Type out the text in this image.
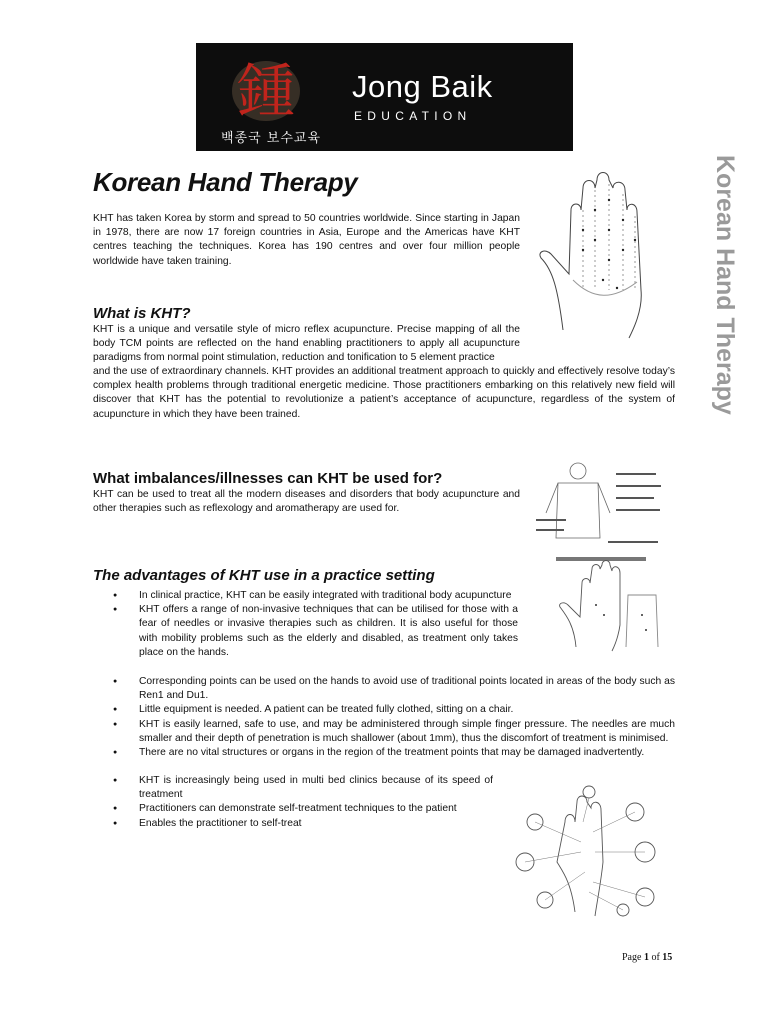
鍾 Jong Baik
EDUCATION
백종국 보수교육
Korean Hand Therapy
Korean Hand Therapy

KHT has taken Korea by storm and spread to 50 countries worldwide. Since starting in Japan in 1978, there are now 17 foreign countries in Asia, Europe and the Americas have KHT centres teaching the techniques. Korea has 190 centres and over four million people worldwide have taken training.

What is KHT?

KHT is a unique and versatile style of micro reflex acupuncture. Precise mapping of all the body TCM points are reflected on the hand enabling practitioners to apply all acupuncture paradigms from normal point stimulation, reduction and tonification to 5 element practice

and the use of extraordinary channels. KHT provides an additional treatment approach to quickly and effectively resolve today’s complex health problems through traditional energetic medicine. Those practitioners embarking on this relatively new field will discover that KHT has the potential to revolutionize a patient’s acceptance of acupuncture, regardless of the system of acupuncture in which they have been trained.

What imbalances/illnesses can KHT be used for?

KHT can be used to treat all the modern diseases and disorders that body acupuncture and other therapies such as reflexology and aromatherapy are used for.

The advantages of KHT use in a practice setting
● In clinical practice, KHT can be easily integrated with traditional body acupuncture
● KHT offers a range of non-invasive techniques that can be utilised for those with a fear of needles or invasive therapies such as children. It is also useful for those with mobility problems such as the elderly and disabled, as treatment only takes place on the hands.
● Corresponding points can be used on the hands to avoid use of traditional points located in areas of the body such as Ren1 and Du1.
● Little equipment is needed. A patient can be treated fully clothed, sitting on a chair.
● KHT is easily learned, safe to use, and may be administered through simple finger pressure. The needles are much smaller and their depth of penetration is much shallower (about 1mm), thus the discomfort of treatment is minimised.
● There are no vital structures or organs in the region of the treatment points that may be damaged inadvertently.
● KHT is increasingly being used in multi bed clinics because of its speed of treatment
● Practitioners can demonstrate self-treatment techniques to the patient
● Enables the practitioner to self-treat
Page 1 of 15
